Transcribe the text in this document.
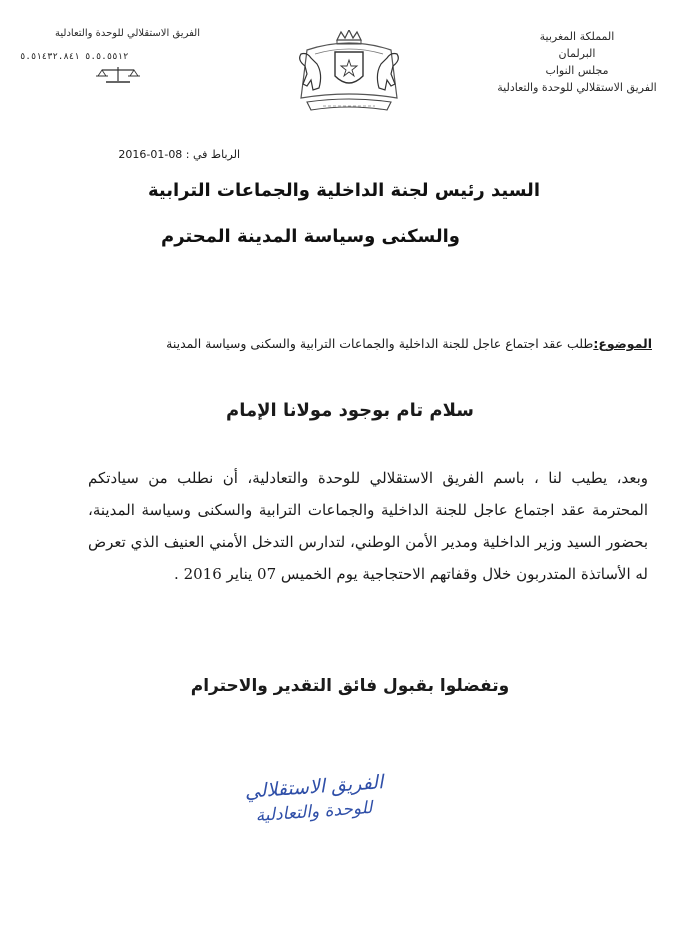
المملكة المغربية
البرلمان
مجلس النواب
الفريق الاستقلالي للوحدة والتعادلية
الفريق الاستقلالي للوحدة والتعادلية
٥.٥.٥٥١٢ ٥.٥١٤٣٢.٨٤١
الرباط في : 08-01-2016
السيد رئيس لجنة الداخلية والجماعات الترابية
والسكنى وسياسة المدينة المحترم
الموضوع:طلب عقد اجتماع عاجل للجنة الداخلية والجماعات الترابية والسكنى وسياسة المدينة
سلام تام بوجود مولانا الإمام
وبعد، يطيب لنا ، باسم الفريق الاستقلالي للوحدة والتعادلية، أن نطلب من سيادتكم المحترمة عقد اجتماع عاجل للجنة الداخلية والجماعات الترابية والسكنى وسياسة المدينة، بحضور السيد وزير الداخلية ومدير الأمن الوطني، لتدارس التدخل الأمني العنيف الذي تعرض له الأساتذة المتدربون خلال وقفاتهم الاحتجاجية يوم الخميس 07 يناير 2016 .
وتفضلوا بقبول فائق التقدير والاحترام
الفريق الاستقلالي
للوحدة والتعادلية
